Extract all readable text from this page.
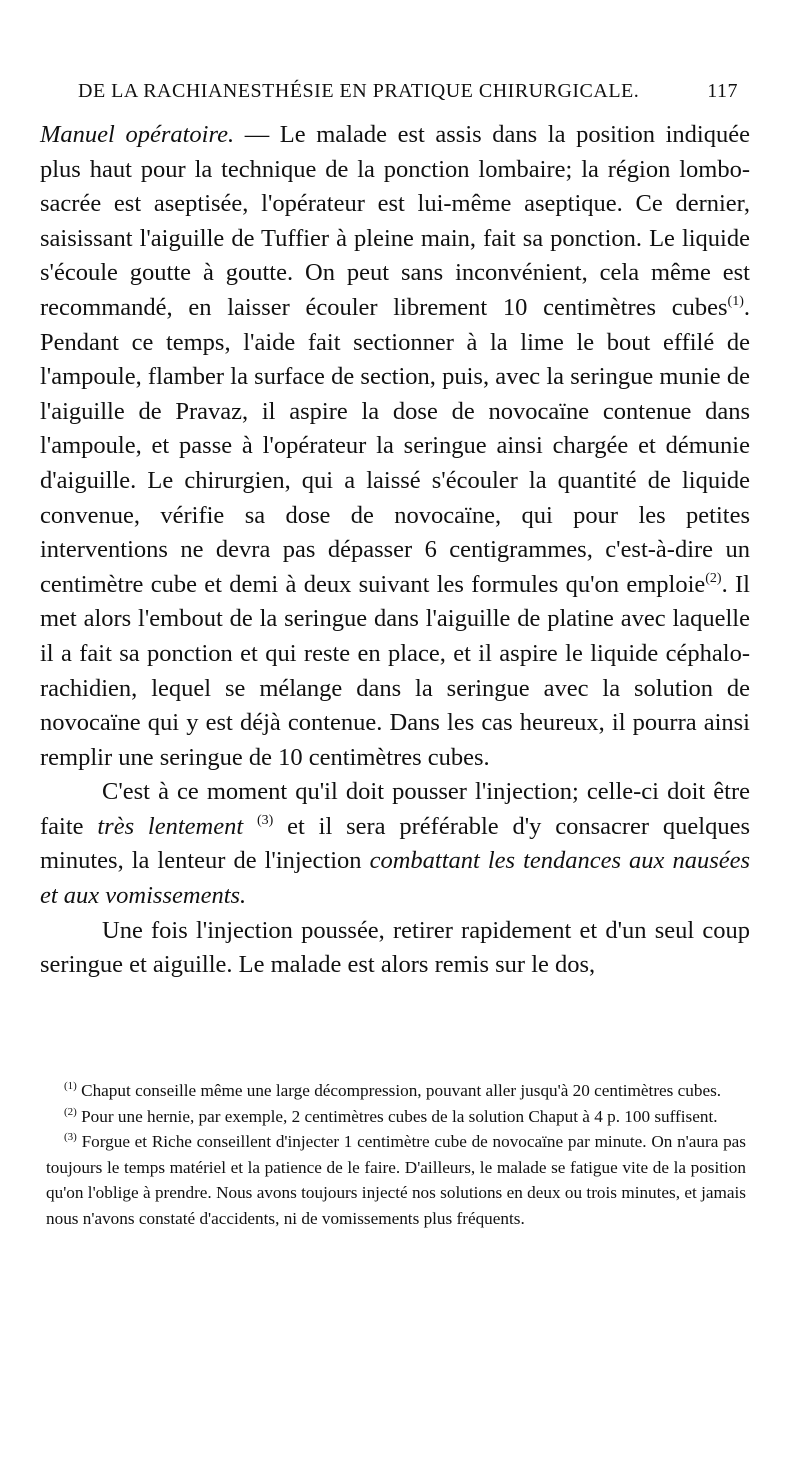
DE LA RACHIANESTHÉSIE EN PRATIQUE CHIRURGICALE.	117

Manuel opératoire. — Le malade est assis dans la position indiquée plus haut pour la technique de la ponction lombaire; la région lombo-sacrée est aseptisée, l'opérateur est lui-même aseptique. Ce dernier, saisissant l'aiguille de Tuffier à pleine main, fait sa ponction. Le liquide s'écoule goutte à goutte. On peut sans inconvénient, cela même est recommandé, en laisser écouler librement 10 centimètres cubes$^{(1)}$. Pendant ce temps, l'aide fait sectionner à la lime le bout effilé de l'ampoule, flamber la surface de section, puis, avec la seringue munie de l'aiguille de Pravaz, il aspire la dose de novocaïne contenue dans l'ampoule, et passe à l'opérateur la seringue ainsi chargée et démunie d'aiguille. Le chirurgien, qui a laissé s'écouler la quantité de liquide convenue, vérifie sa dose de novocaïne, qui pour les petites interventions ne devra pas dépasser 6 centigrammes, c'est-à-dire un centimètre cube et demi à deux suivant les formules qu'on emploie$^{(2)}$. Il met alors l'embout de la seringue dans l'aiguille de platine avec laquelle il a fait sa ponction et qui reste en place, et il aspire le liquide céphalo-rachidien, lequel se mélange dans la seringue avec la solution de novocaïne qui y est déjà contenue. Dans les cas heureux, il pourra ainsi remplir une seringue de 10 centimètres cubes.

C'est à ce moment qu'il doit pousser l'injection; celle-ci doit être faite très lentement $^{(3)}$ et il sera préférable d'y consacrer quelques minutes, la lenteur de l'injection combattant les tendances aux nausées et aux vomissements.

Une fois l'injection poussée, retirer rapidement et d'un seul coup seringue et aiguille. Le malade est alors remis sur le dos,

$^{(1)}$ Chaput conseille même une large décompression, pouvant aller jusqu'à 20 centimètres cubes.

$^{(2)}$ Pour une hernie, par exemple, 2 centimètres cubes de la solution Chaput à 4 p. 100 suffisent.

$^{(3)}$ Forgue et Riche conseillent d'injecter 1 centimètre cube de novocaïne par minute. On n'aura pas toujours le temps matériel et la patience de le faire. D'ailleurs, le malade se fatigue vite de la position qu'on l'oblige à prendre. Nous avons toujours injecté nos solutions en deux ou trois minutes, et jamais nous n'avons constaté d'accidents, ni de vomissements plus fréquents.
